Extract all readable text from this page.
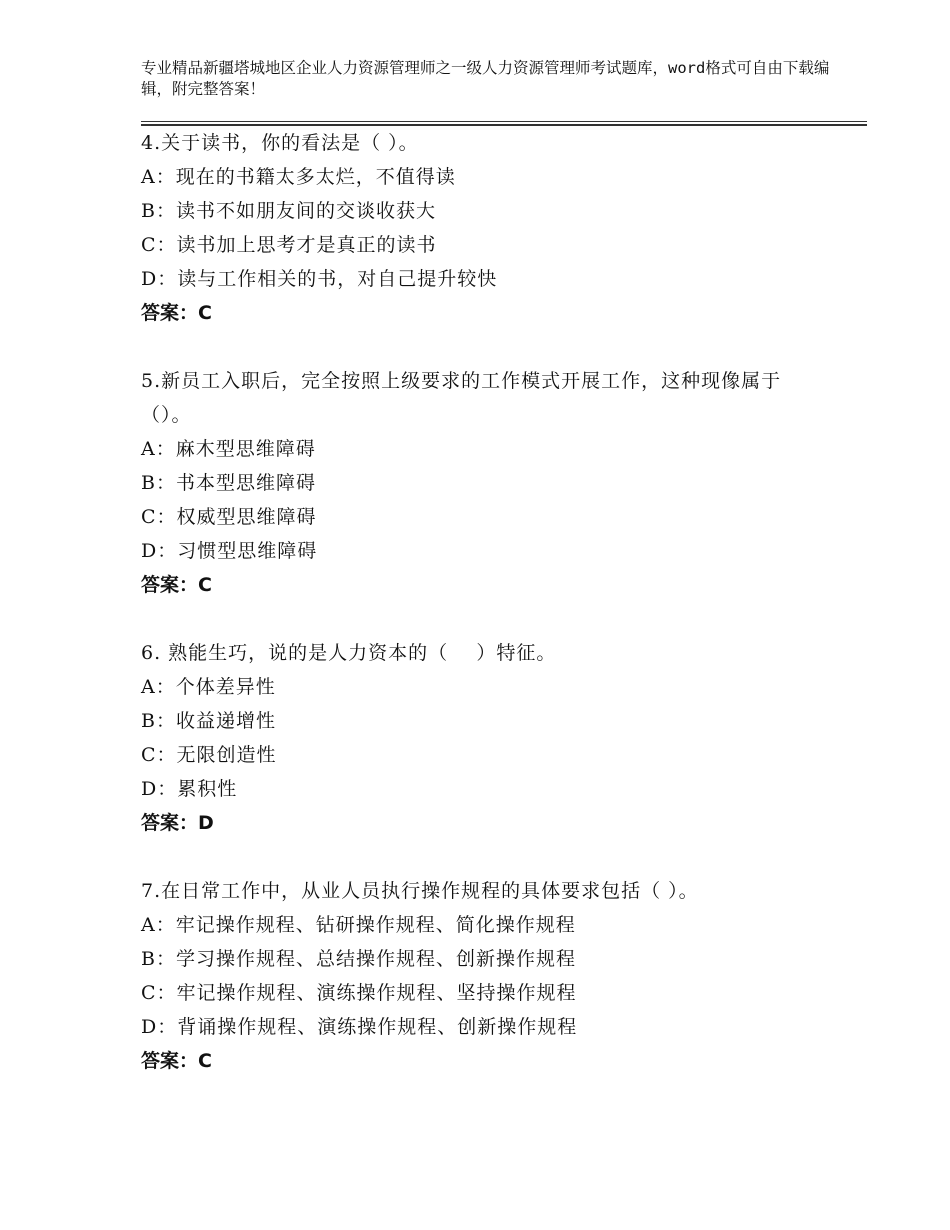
专业精品新疆塔城地区企业人力资源管理师之一级人力资源管理师考试题库，word格式可自由下载编辑，附完整答案！
4.关于读书，你的看法是（ ）。
A：现在的书籍太多太烂，不值得读
B：读书不如朋友间的交谈收获大
C：读书加上思考才是真正的读书
D：读与工作相关的书，对自己提升较快
答案：C
5.新员工入职后，完全按照上级要求的工作模式开展工作，这种现像属于（）。
A：麻木型思维障碍
B：书本型思维障碍
C：权威型思维障碍
D：习惯型思维障碍
答案：C
6. 熟能生巧，说的是人力资本的（    ）特征。
A：个体差异性
B：收益递增性
C：无限创造性
D：累积性
答案：D
7.在日常工作中，从业人员执行操作规程的具体要求包括（ ）。
A：牢记操作规程、钻研操作规程、简化操作规程
B：学习操作规程、总结操作规程、创新操作规程
C：牢记操作规程、演练操作规程、坚持操作规程
D：背诵操作规程、演练操作规程、创新操作规程
答案：C
